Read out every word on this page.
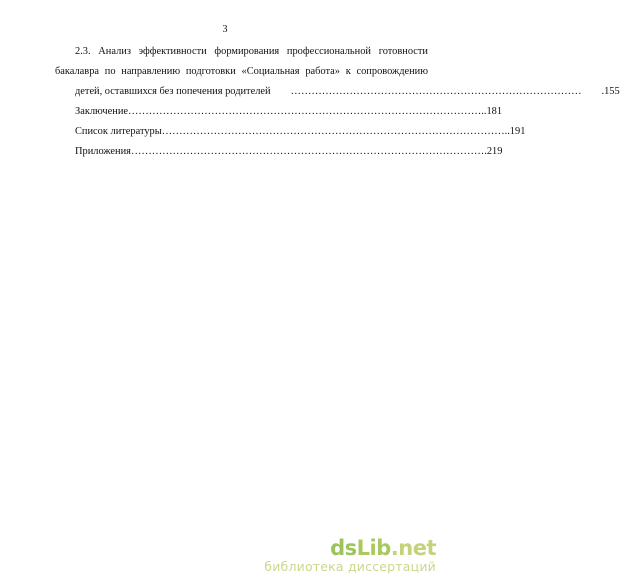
3
2.3. Анализ эффективности формирования профессиональной готовности
бакалавра по направлению подготовки «Социальная работа» к сопровождению
детей, оставшихся без попечения родителей	…………………………………………………………………………	.155
Заключение ………………………………………………………………………………………… ..181
Список литературы ……………………………………………………………………………………… ..191
Приложения ……………………………………………………………………………………… ….219
dsLib.net
библиотека диссертаций
